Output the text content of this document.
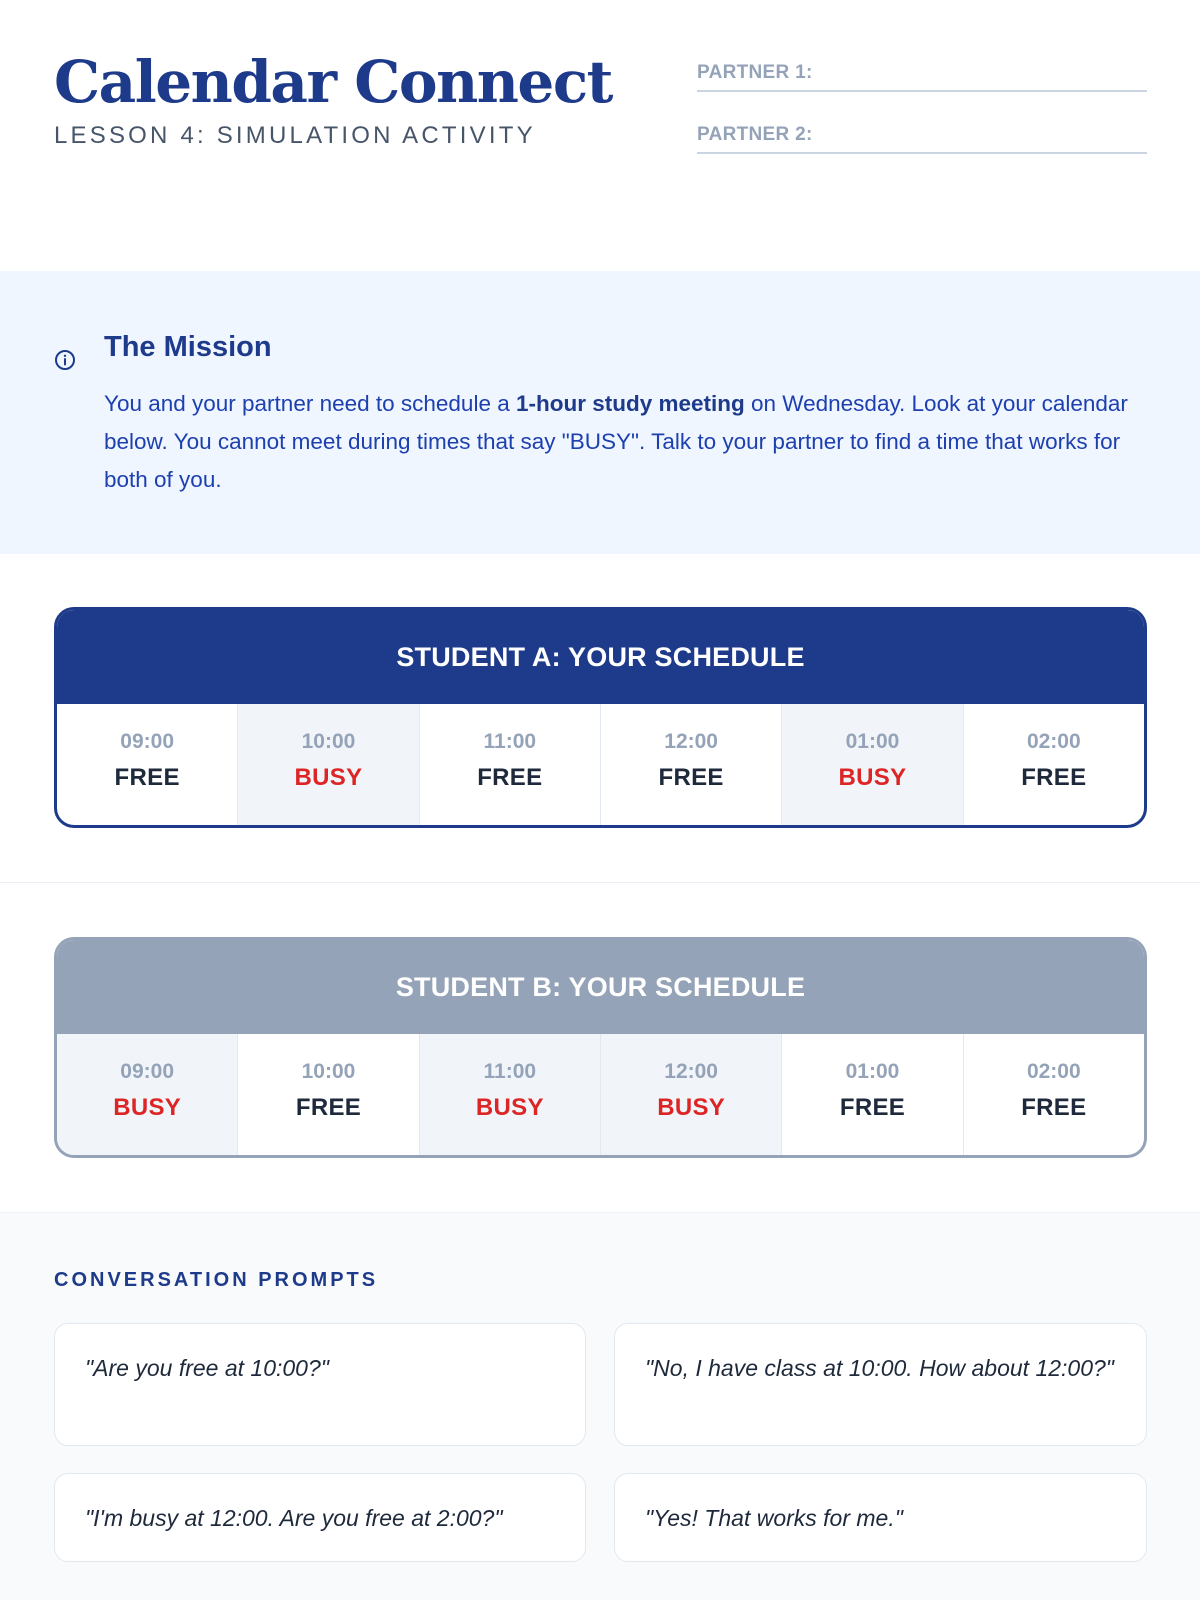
Calendar Connect
LESSON 4: SIMULATION ACTIVITY
PARTNER 1:
PARTNER 2:
The Mission
You and your partner need to schedule a 1-hour study meeting on Wednesday. Look at your calendar below. You cannot meet during times that say "BUSY". Talk to your partner to find a time that works for both of you.
STUDENT A: YOUR SCHEDULE
09:00
FREE
10:00
BUSY
11:00
FREE
12:00
FREE
01:00
BUSY
02:00
FREE
STUDENT B: YOUR SCHEDULE
09:00
BUSY
10:00
FREE
11:00
BUSY
12:00
BUSY
01:00
FREE
02:00
FREE
CONVERSATION PROMPTS
"Are you free at 10:00?"	"No, I have class at 10:00. How about 12:00?"
"I'm busy at 12:00. Are you free at 2:00?"	"Yes! That works for me."
